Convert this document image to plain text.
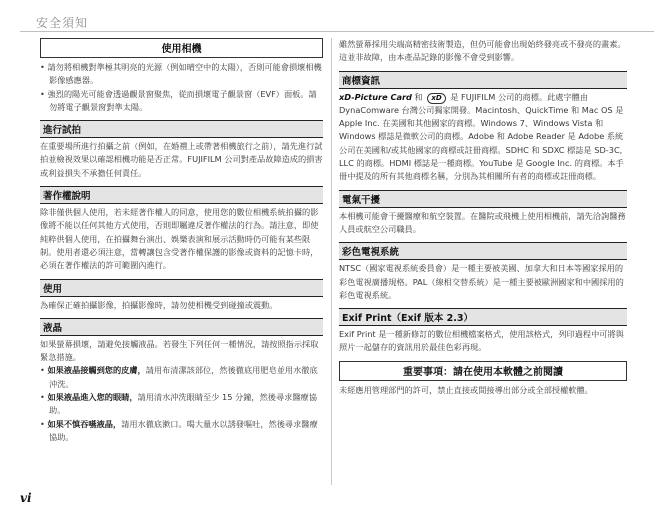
安全須知
使用相機

• 請勿將相機對準極其明亮的光源（例如晴空中的太陽），否則可能會損壞相機影像感應器。

• 強烈的陽光可能會透過觀景窗聚焦，從而損壞電子觀景窗（EVF）面板。請勿將電子觀景窗對準太陽。

進行試拍

在重要場所進行拍攝之前（例如，在婚禮上或帶著相機旅行之前），請先進行試拍並檢視效果以確認相機功能是否正常。FUJIFILM 公司對產品故障造成的損害或利益損失不承擔任何責任。

著作權說明

除非僅供個人使用，若未經著作權人的同意，使用您的數位相機系統拍攝的影像將不能以任何其他方式使用，否則即屬違反著作權法的行為。請注意，即使純粹供個人使用，在拍攝舞台演出、娛樂表演和展示活動時仍可能有某些限制。使用者還必須注意，當轉讓包含受著作權保護的影像或資料的記憶卡時，必須在著作權法的許可範圍內進行。

使用

為確保正確拍攝影像，拍攝影像時，請勿使相機受到碰撞或震動。

液晶

如果螢幕損壞，請避免接觸液晶。若發生下列任何一種情況，請按照指示採取緊急措施。

• 如果液晶接觸到您的皮膚，請用布清潔該部位，然後徹底用肥皂並用水徹底沖洗。

• 如果液晶進入您的眼睛，請用清水沖洗眼睛至少 15 分鐘，然後尋求醫療協助。

• 如果不慎吞嚥液晶，請用水徹底漱口。喝大量水以誘發嘔吐，然後尋求醫療協助。

雖然螢幕採用尖端高精密技術製造，但仍可能會出現始終發亮或不發亮的畫素。這並非故障，由本產品記錄的影像不會受到影響。

商標資訊

xD-Picture Card 和 xD 是 FUJIFILM 公司的商標。此處字體由 DynaComware 台灣公司獨家開發。Macintosh、QuickTime 和 Mac OS 是 Apple Inc. 在美國和其他國家的商標。Windows 7、Windows Vista 和 Windows 標誌是微軟公司的商標。Adobe 和 Adobe Reader 是 Adobe 系統公司在美國和/或其他國家的商標或註冊商標。SDHC 和 SDXC 標誌是 SD-3C, LLC 的商標。HDMI 標誌是一種商標。YouTube 是 Google Inc. 的商標。本手冊中提及的所有其他商標名稱，分別為其相關所有者的商標或註冊商標。

電氣干擾

本相機可能會干擾醫療和航空裝置。在醫院或飛機上使用相機前，請先洽詢醫務人員或航空公司職員。

彩色電視系統

NTSC（國家電視系統委員會）是一種主要被美國、加拿大和日本等國家採用的彩色電視廣播規格。PAL（線相交替系統）是一種主要被歐洲國家和中國採用的彩色電視系統。

Exif Print（Exif 版本 2.3）

Exif Print 是一種新修訂的數位相機檔案格式，使用該格式，列印過程中可將與照片一起儲存的資訊用於最佳色彩再現。

重要事項：請在使用本軟體之前閱讀

未經應用管理部門的許可，禁止直接或間接導出部分或全部授權軟體。

vi
